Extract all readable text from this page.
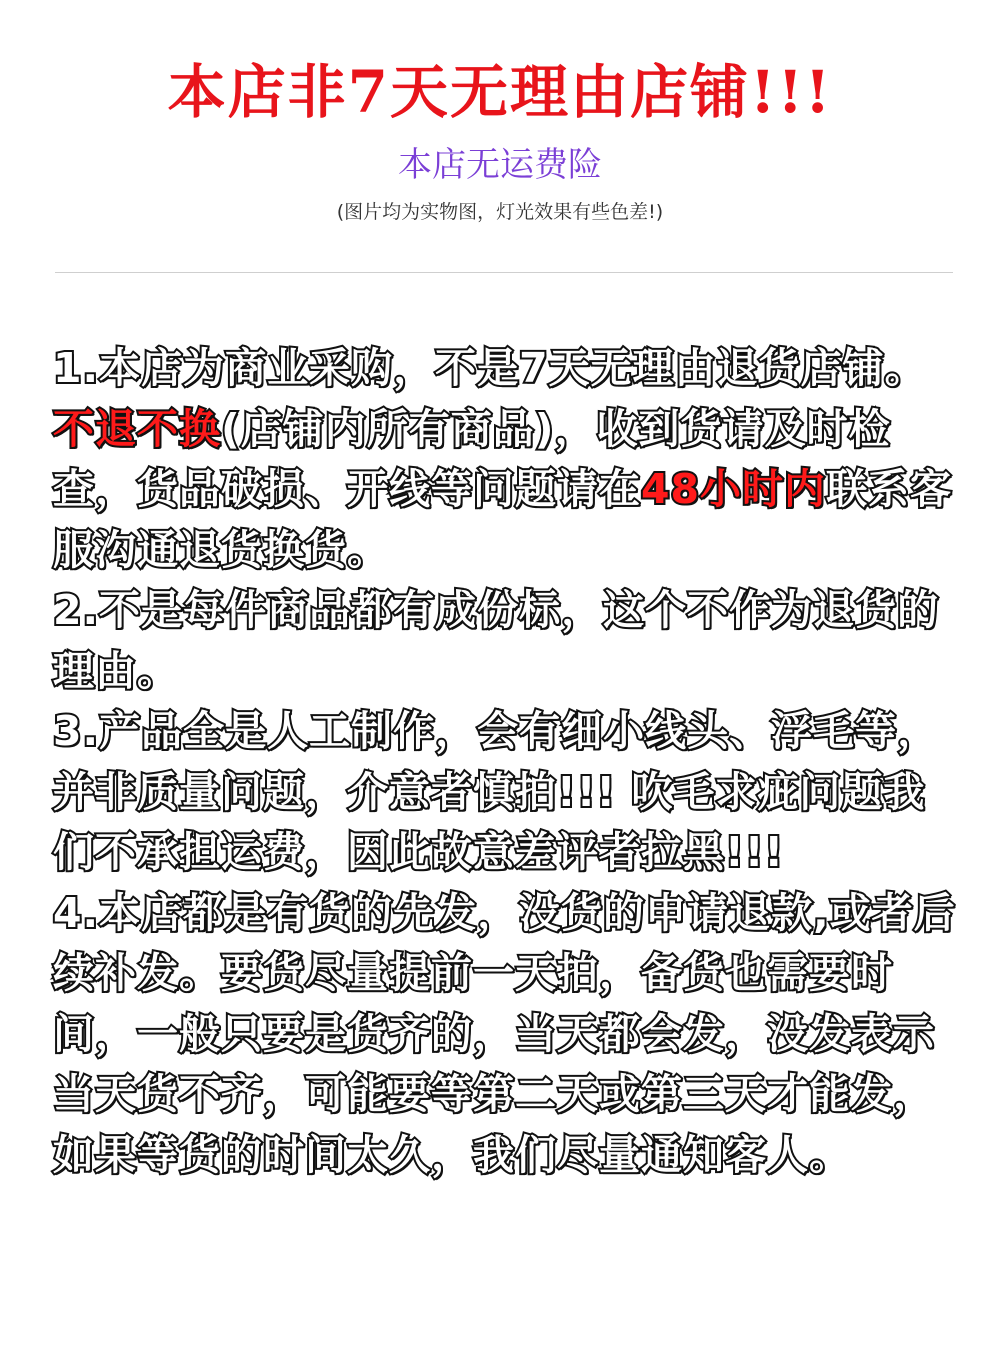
本店非7天无理由店铺!!!
本店无运费险
(图片均为实物图，灯光效果有些色差!)

1.本店为商业采购，不是7天无理由退货店铺。不退不换(店铺内所有商品)，收到货请及时检查，货品破损、开线等问题请在48小时内联系客服沟通退货换货。

2.不是每件商品都有成份标，这个不作为退货的理由。

3.产品全是人工制作，会有细小线头、浮毛等，并非质量问题，介意者慎拍!!! 吹毛求疵问题我们不承担运费，因此故意差评者拉黑!!!

4.本店都是有货的先发，没货的申请退款,或者后续补发。要货尽量提前一天拍，备货也需要时间，一般只要是货齐的，当天都会发，没发表示当天货不齐，可能要等第二天或第三天才能发，如果等货的时间太久，我们尽量通知客人。
